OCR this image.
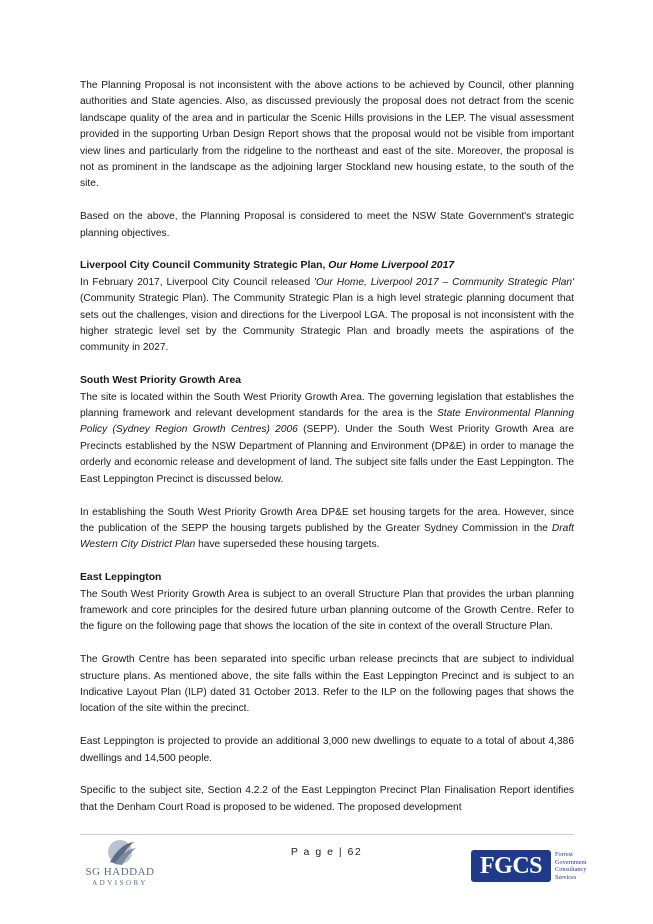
The Planning Proposal is not inconsistent with the above actions to be achieved by Council, other planning authorities and State agencies. Also, as discussed previously the proposal does not detract from the scenic landscape quality of the area and in particular the Scenic Hills provisions in the LEP. The visual assessment provided in the supporting Urban Design Report shows that the proposal would not be visible from important view lines and particularly from the ridgeline to the northeast and east of the site. Moreover, the proposal is not as prominent in the landscape as the adjoining larger Stockland new housing estate, to the south of the site.

Based on the above, the Planning Proposal is considered to meet the NSW State Government's strategic planning objectives.

Liverpool City Council Community Strategic Plan, Our Home Liverpool 2017

In February 2017, Liverpool City Council released 'Our Home, Liverpool 2017 – Community Strategic Plan' (Community Strategic Plan). The Community Strategic Plan is a high level strategic planning document that sets out the challenges, vision and directions for the Liverpool LGA. The proposal is not inconsistent with the higher strategic level set by the Community Strategic Plan and broadly meets the aspirations of the community in 2027.

South West Priority Growth Area

The site is located within the South West Priority Growth Area. The governing legislation that establishes the planning framework and relevant development standards for the area is the State Environmental Planning Policy (Sydney Region Growth Centres) 2006 (SEPP). Under the South West Priority Growth Area are Precincts established by the NSW Department of Planning and Environment (DP&E) in order to manage the orderly and economic release and development of land. The subject site falls under the East Leppington. The East Leppington Precinct is discussed below.

In establishing the South West Priority Growth Area DP&E set housing targets for the area. However, since the publication of the SEPP the housing targets published by the Greater Sydney Commission in the Draft Western City District Plan have superseded these housing targets.

East Leppington

The South West Priority Growth Area is subject to an overall Structure Plan that provides the urban planning framework and core principles for the desired future urban planning outcome of the Growth Centre. Refer to the figure on the following page that shows the location of the site in context of the overall Structure Plan.

The Growth Centre has been separated into specific urban release precincts that are subject to individual structure plans. As mentioned above, the site falls within the East Leppington Precinct and is subject to an Indicative Layout Plan (ILP) dated 31 October 2013. Refer to the ILP on the following pages that shows the location of the site within the precinct.

East Leppington is projected to provide an additional 3,000 new dwellings to equate to a total of about 4,386 dwellings and 14,500 people.

Specific to the subject site, Section 4.2.2 of the East Leppington Precinct Plan Finalisation Report identifies that the Denham Court Road is proposed to be widened. The proposed development

P a g e | 62
SG HADDAD
ADVISORY
FGCS	Forrest
Government
Consultancy
Services
